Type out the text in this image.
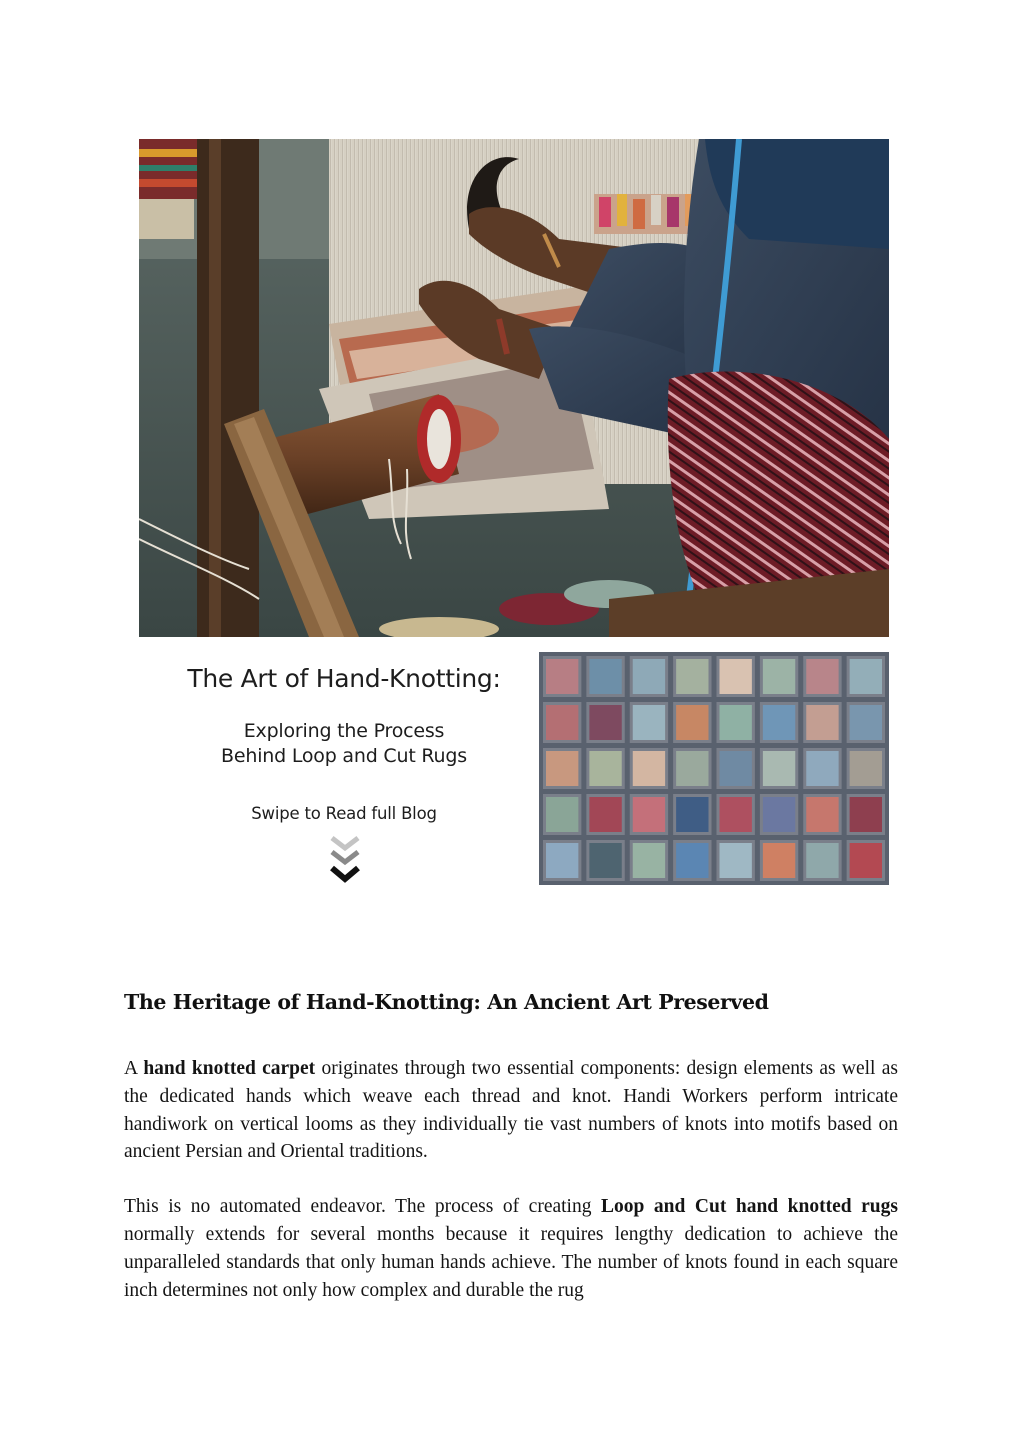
The Art of Hand-Knotting:
Exploring the Process
Behind Loop and Cut Rugs
Swipe to Read full Blog
The Heritage of Hand-Knotting: An Ancient Art Preserved

A hand knotted carpet originates through two essential components: design elements as well as the dedicated hands which weave each thread and knot. Handi Workers perform intricate handiwork on vertical looms as they individually tie vast numbers of knots into motifs based on ancient Persian and Oriental traditions.

This is no automated endeavor. The process of creating Loop and Cut hand knotted rugs normally extends for several months because it requires lengthy dedication to achieve the unparalleled standards that only human hands achieve. The number of knots found in each square inch determines not only how complex and durable the rug
